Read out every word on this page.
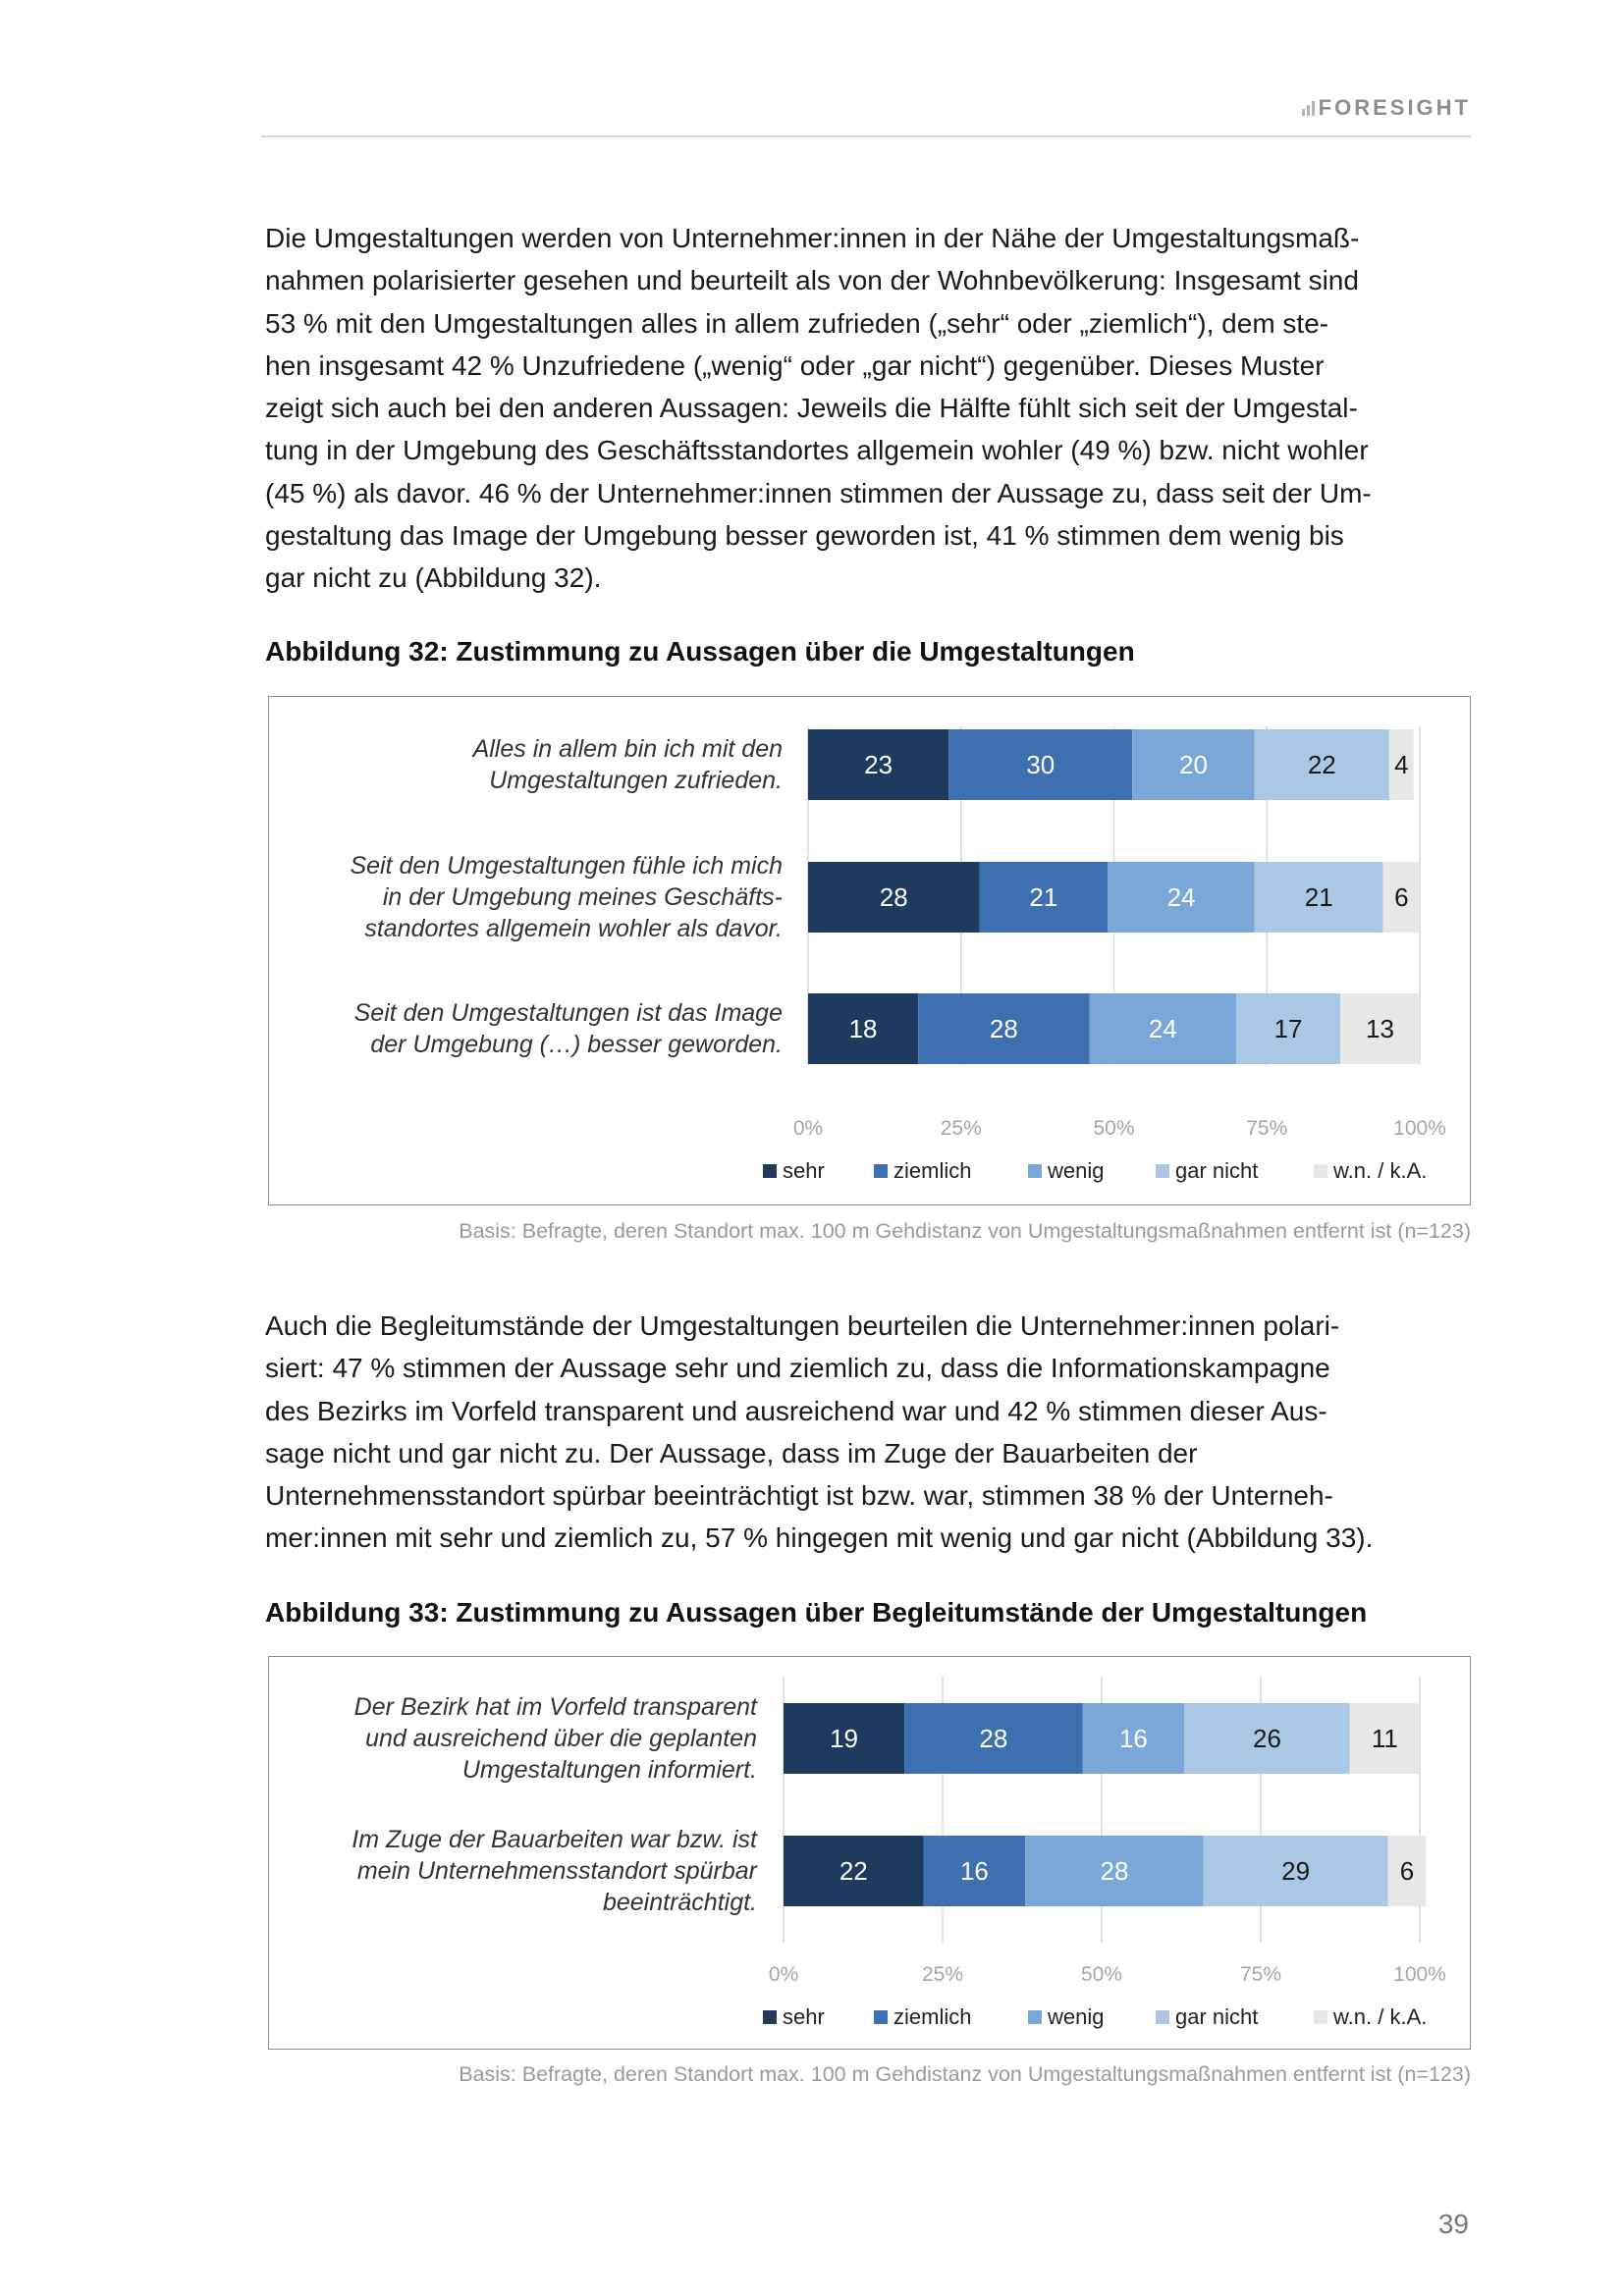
FORESIGHT

Die Umgestaltungen werden von Unternehmer:innen in der Nähe der Umgestaltungsmaß-
nahmen polarisierter gesehen und beurteilt als von der Wohnbevölkerung: Insgesamt sind
53 % mit den Umgestaltungen alles in allem zufrieden („sehr“ oder „ziemlich“), dem ste-
hen insgesamt 42 % Unzufriedene („wenig“ oder „gar nicht“) gegenüber. Dieses Muster
zeigt sich auch bei den anderen Aussagen: Jeweils die Hälfte fühlt sich seit der Umgestal-
tung in der Umgebung des Geschäftsstandortes allgemein wohler (49 %) bzw. nicht wohler
(45 %) als davor. 46 % der Unternehmer:innen stimmen der Aussage zu, dass seit der Um-
gestaltung das Image der Umgebung besser geworden ist, 41 % stimmen dem wenig bis
gar nicht zu (Abbildung 32).

Abbildung 32: Zustimmung zu Aussagen über die Umgestaltungen
0%	25%	50%	75%	100%
23	30	20	22 4
Alles in allem bin ich mit den
Umgestaltungen zufrieden.
28	21	24	21 6
Seit den Umgestaltungen fühle ich mich
in der Umgebung meines Geschäfts-
standortes allgemein wohler als davor.
18	28	24	17 13
Seit den Umgestaltungen ist das Image
der Umgebung (…) besser geworden.
sehr	ziemlich	wenig	gar nicht	w.n. / k.A.
Basis: Befragte, deren Standort max. 100 m Gehdistanz von Umgestaltungsmaßnahmen entfernt ist (n=123)

Auch die Begleitumstände der Umgestaltungen beurteilen die Unternehmer:innen polari-
siert: 47 % stimmen der Aussage sehr und ziemlich zu, dass die Informationskampagne
des Bezirks im Vorfeld transparent und ausreichend war und 42 % stimmen dieser Aus-
sage nicht und gar nicht zu. Der Aussage, dass im Zuge der Bauarbeiten der
Unternehmensstandort spürbar beeinträchtigt ist bzw. war, stimmen 38 % der Unterneh-
mer:innen mit sehr und ziemlich zu, 57 % hingegen mit wenig und gar nicht (Abbildung 33).

Abbildung 33: Zustimmung zu Aussagen über Begleitumstände der Umgestaltungen
0%	25%	50%	75%	100%
19	28	16	26	11
Der Bezirk hat im Vorfeld transparent
und ausreichend über die geplanten
Umgestaltungen informiert.
22	16	28	29	6
Im Zuge der Bauarbeiten war bzw. ist
mein Unternehmensstandort spürbar
beeinträchtigt.
sehr	ziemlich	wenig	gar nicht	w.n. / k.A.
Basis: Befragte, deren Standort max. 100 m Gehdistanz von Umgestaltungsmaßnahmen entfernt ist (n=123)
39
